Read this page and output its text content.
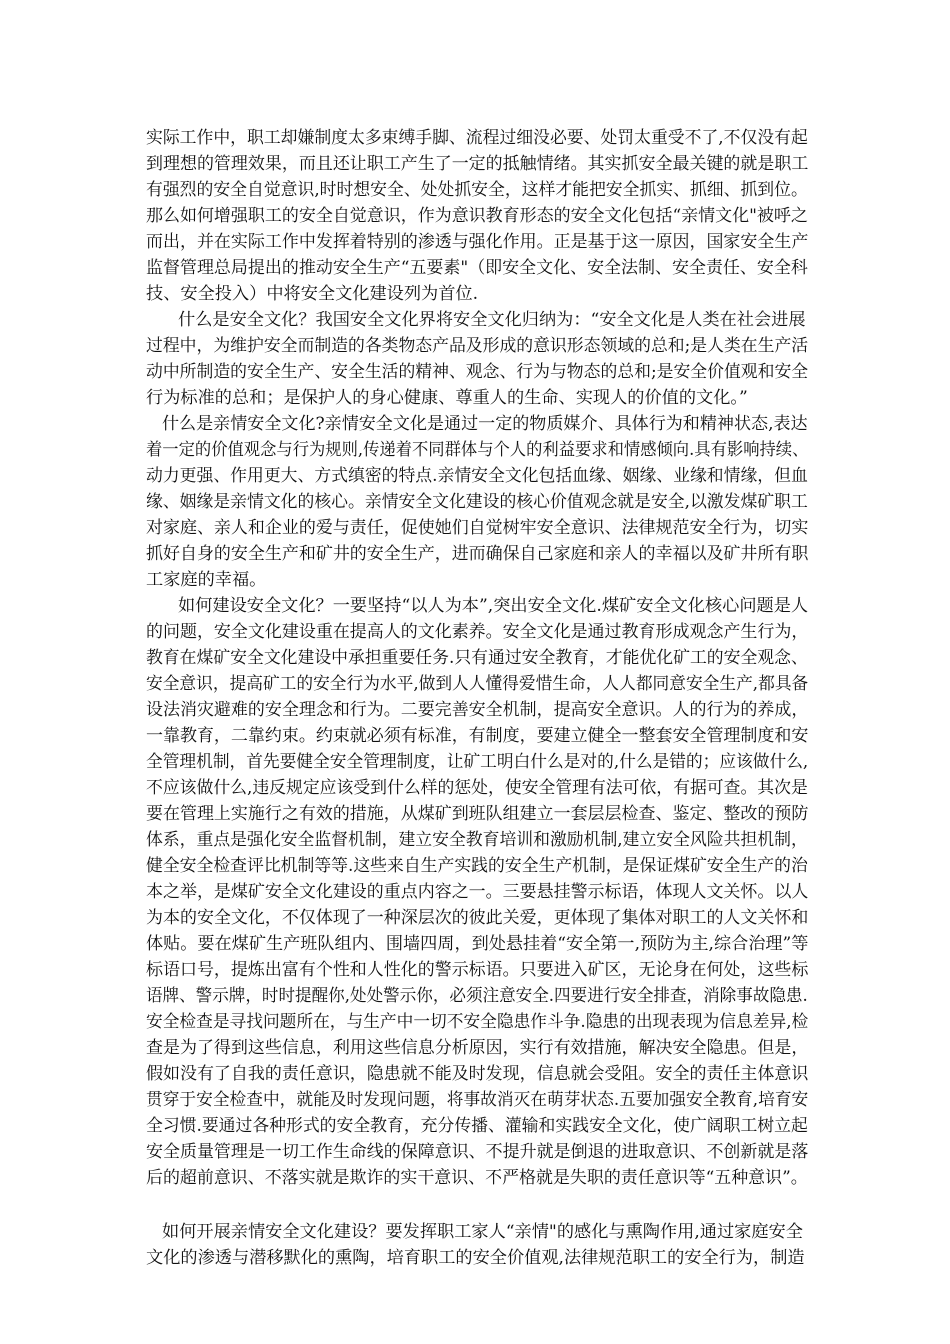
实际工作中，职工却嫌制度太多束缚手脚、流程过细没必要、处罚太重受不了,不仅没有起

到理想的管理效果，而且还让职工产生了一定的抵触情绪。其实抓安全最关键的就是职工

有强烈的安全自觉意识,时时想安全、处处抓安全，这样才能把安全抓实、抓细、抓到位。

那么如何增强职工的安全自觉意识，作为意识教育形态的安全文化包括“亲情文化"被呼之

而出，并在实际工作中发挥着特别的渗透与强化作用。正是基于这一原因，国家安全生产

监督管理总局提出的推动安全生产“五要素"（即安全文化、安全法制、安全责任、安全科

技、安全投入）中将安全文化建设列为首位.

什么是安全文化？我国安全文化界将安全文化归纳为：“安全文化是人类在社会进展

过程中，为维护安全而制造的各类物态产品及形成的意识形态领域的总和;是人类在生产活

动中所制造的安全生产、安全生活的精神、观念、行为与物态的总和;是安全价值观和安全

行为标准的总和；是保护人的身心健康、尊重人的生命、实现人的价值的文化。”

什么是亲情安全文化?亲情安全文化是通过一定的物质媒介、具体行为和精神状态,表达

着一定的价值观念与行为规则,传递着不同群体与个人的利益要求和情感倾向.具有影响持续、

动力更强、作用更大、方式缜密的特点.亲情安全文化包括血缘、姻缘、业缘和情缘，但血

缘、姻缘是亲情文化的核心。亲情安全文化建设的核心价值观念就是安全,以激发煤矿职工

对家庭、亲人和企业的爱与责任，促使她们自觉树牢安全意识、法律规范安全行为，切实

抓好自身的安全生产和矿井的安全生产，进而确保自己家庭和亲人的幸福以及矿井所有职

工家庭的幸福。

如何建设安全文化？一要坚持“以人为本”,突出安全文化.煤矿安全文化核心问题是人

的问题，安全文化建设重在提高人的文化素养。安全文化是通过教育形成观念产生行为，

教育在煤矿安全文化建设中承担重要任务.只有通过安全教育，才能优化矿工的安全观念、

安全意识，提高矿工的安全行为水平,做到人人懂得爱惜生命，人人都同意安全生产,都具备

设法消灾避难的安全理念和行为。二要完善安全机制，提高安全意识。人的行为的养成，

一靠教育，二靠约束。约束就必须有标准，有制度，要建立健全一整套安全管理制度和安

全管理机制，首先要健全安全管理制度，让矿工明白什么是对的,什么是错的；应该做什么,

不应该做什么,违反规定应该受到什么样的惩处，使安全管理有法可依，有据可查。其次是

要在管理上实施行之有效的措施，从煤矿到班队组建立一套层层检查、鉴定、整改的预防

体系，重点是强化安全监督机制，建立安全教育培训和激励机制,建立安全风险共担机制，

健全安全检查评比机制等等.这些来自生产实践的安全生产机制，是保证煤矿安全生产的治

本之举，是煤矿安全文化建设的重点内容之一。三要悬挂警示标语，体现人文关怀。以人

为本的安全文化，不仅体现了一种深层次的彼此关爱，更体现了集体对职工的人文关怀和

体贴。要在煤矿生产班队组内、围墙四周，到处悬挂着“安全第一,预防为主,综合治理”等

标语口号，提炼出富有个性和人性化的警示标语。只要进入矿区，无论身在何处，这些标

语牌、警示牌，时时提醒你,处处警示你，必须注意安全.四要进行安全排查，消除事故隐患.

安全检查是寻找问题所在，与生产中一切不安全隐患作斗争.隐患的出现表现为信息差异,检

查是为了得到这些信息，利用这些信息分析原因，实行有效措施，解决安全隐患。但是，

假如没有了自我的责任意识，隐患就不能及时发现，信息就会受阻。安全的责任主体意识

贯穿于安全检查中，就能及时发现问题，将事故消灭在萌芽状态.五要加强安全教育,培育安

全习惯.要通过各种形式的安全教育，充分传播、灌输和实践安全文化，使广阔职工树立起

安全质量管理是一切工作生命线的保障意识、不提升就是倒退的进取意识、不创新就是落

后的超前意识、不落实就是欺诈的实干意识、不严格就是失职的责任意识等“五种意识”。

如何开展亲情安全文化建设？要发挥职工家人“亲情"的感化与熏陶作用,通过家庭安全

文化的渗透与潜移默化的熏陶，培育职工的安全价值观,法律规范职工的安全行为，制造
